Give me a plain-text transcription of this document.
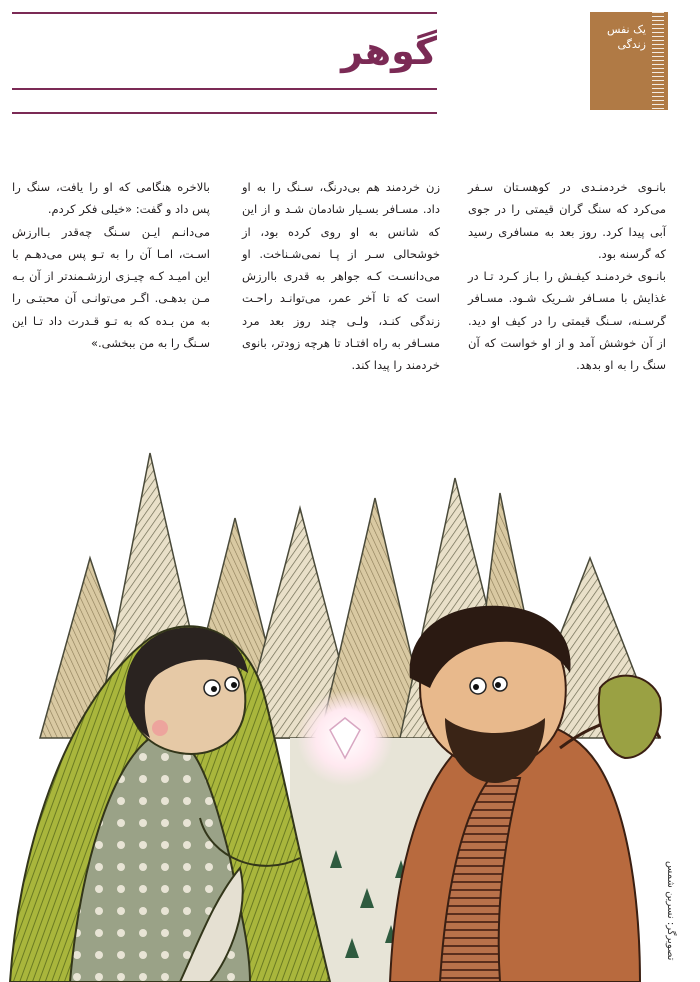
گوهر	یک نفس زندگی

بانـوی خردمنـدی در کوهسـتان سـفر می‌کرد که سنگ گران قیمتی را در جوی آبی پیدا کرد. روز بعد به مسافری رسید که گرسنه بود.

بانـوی خردمنـد کیفـش را بـاز کـرد تـا در غذایش با مسـافر شـریک شـود. مسـافر گرسـنه، سـنگ قیمتی را در کیف او دید. از آن خوشش آمد و از او خواست که آن سنگ را به او بدهد.

زن خردمند هم بی‌درنگ، سـنگ را به او داد. مسـافر بسـیار شادمان شـد و از این که شانس به او روی کرده بود، از خوشحالی سـر از پـا نمی‌شـناخت. او می‌دانسـت کـه جواهر به قدری باارزش است که تا آخر عمر، می‌توانـد راحـت زندگی کنـد، ولـی چند روز بعد مرد مسـافر به راه افتـاد تا هرچه زودتر، بانوی خردمند را پیدا کند.

بالاخره هنگامی که او را یافت، سنگ را پس داد و گفت: «خیلی فکر کردم.

می‌دانـم ایـن سـنگ چه‌قدر بـاارزش اسـت، امـا آن را به تـو پس می‌دهـم با این امیـد کـه چیـزی ارزشـمندتر از آن بـه مـن بدهـی. اگـر می‌توانـی آن محبتـی را به من بـده که به تـو قـدرت داد تـا این سـنگ را به من ببخشی.»

تصویرگر: نسرین شمس
